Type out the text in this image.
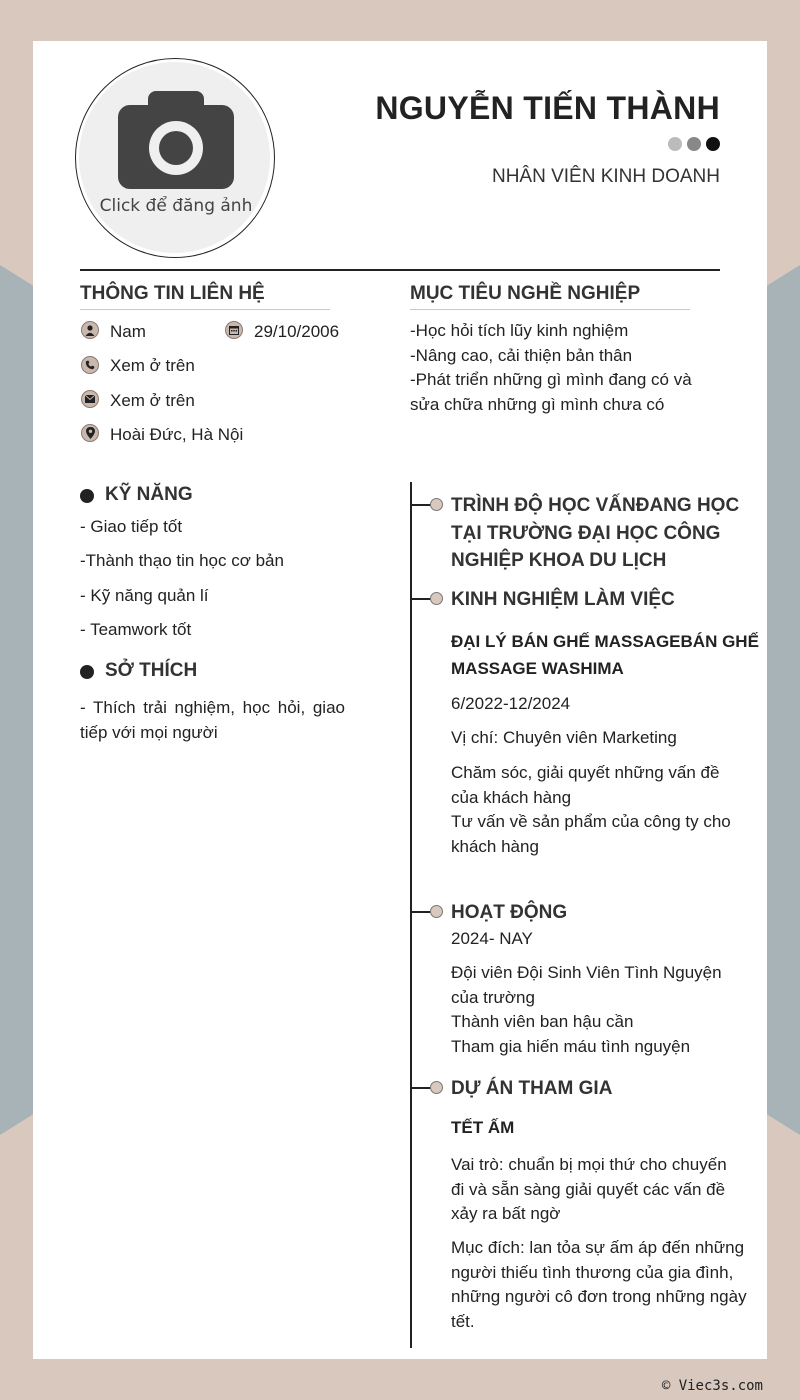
Click để đăng ảnh
NGUYỄN TIẾN THÀNH
NHÂN VIÊN KINH DOANH
THÔNG TIN LIÊN HỆ
Nam	29/10/2006
Xem ở trên
Xem ở trên
Hoài Đức, Hà Nội
MỤC TIÊU NGHỀ NGHIỆP
-Học hỏi tích lũy kinh nghiệm
-Nâng cao, cải thiện bản thân
-Phát triển những gì mình đang có và
sửa chữa những gì mình chưa có
KỸ NĂNG
- Giao tiếp tốt
-Thành thạo tin học cơ bản
- Kỹ năng quản lí
- Teamwork tốt
SỞ THÍCH
- Thích trải nghiệm, học hỏi, giao
tiếp với mọi người
TRÌNH ĐỘ HỌC VẤNĐANG HỌC
TẠI TRƯỜNG ĐẠI HỌC CÔNG
NGHIỆP KHOA DU LỊCH
KINH NGHIỆM LÀM VIỆC
ĐẠI LÝ BÁN GHẾ MASSAGEBÁN GHẾ
MASSAGE WASHIMA
6/2022-12/2024
Vị chí: Chuyên viên Marketing
Chăm sóc, giải quyết những vấn đề
của khách hàng
Tư vấn về sản phẩm của công ty cho
khách hàng
HOẠT ĐỘNG
2024- NAY
Đội viên Đội Sinh Viên Tình Nguyện
của trường
Thành viên ban hậu cần
Tham gia hiến máu tình nguyện
DỰ ÁN THAM GIA
TẾT ẤM
Vai trò: chuẩn bị mọi thứ cho chuyến
đi và sẵn sàng giải quyết các vấn đề
xảy ra bất ngờ
Mục đích: lan tỏa sự ấm áp đến những
người thiếu tình thương của gia đình,
những người cô đơn trong những ngày
tết.
© Viec3s.com
